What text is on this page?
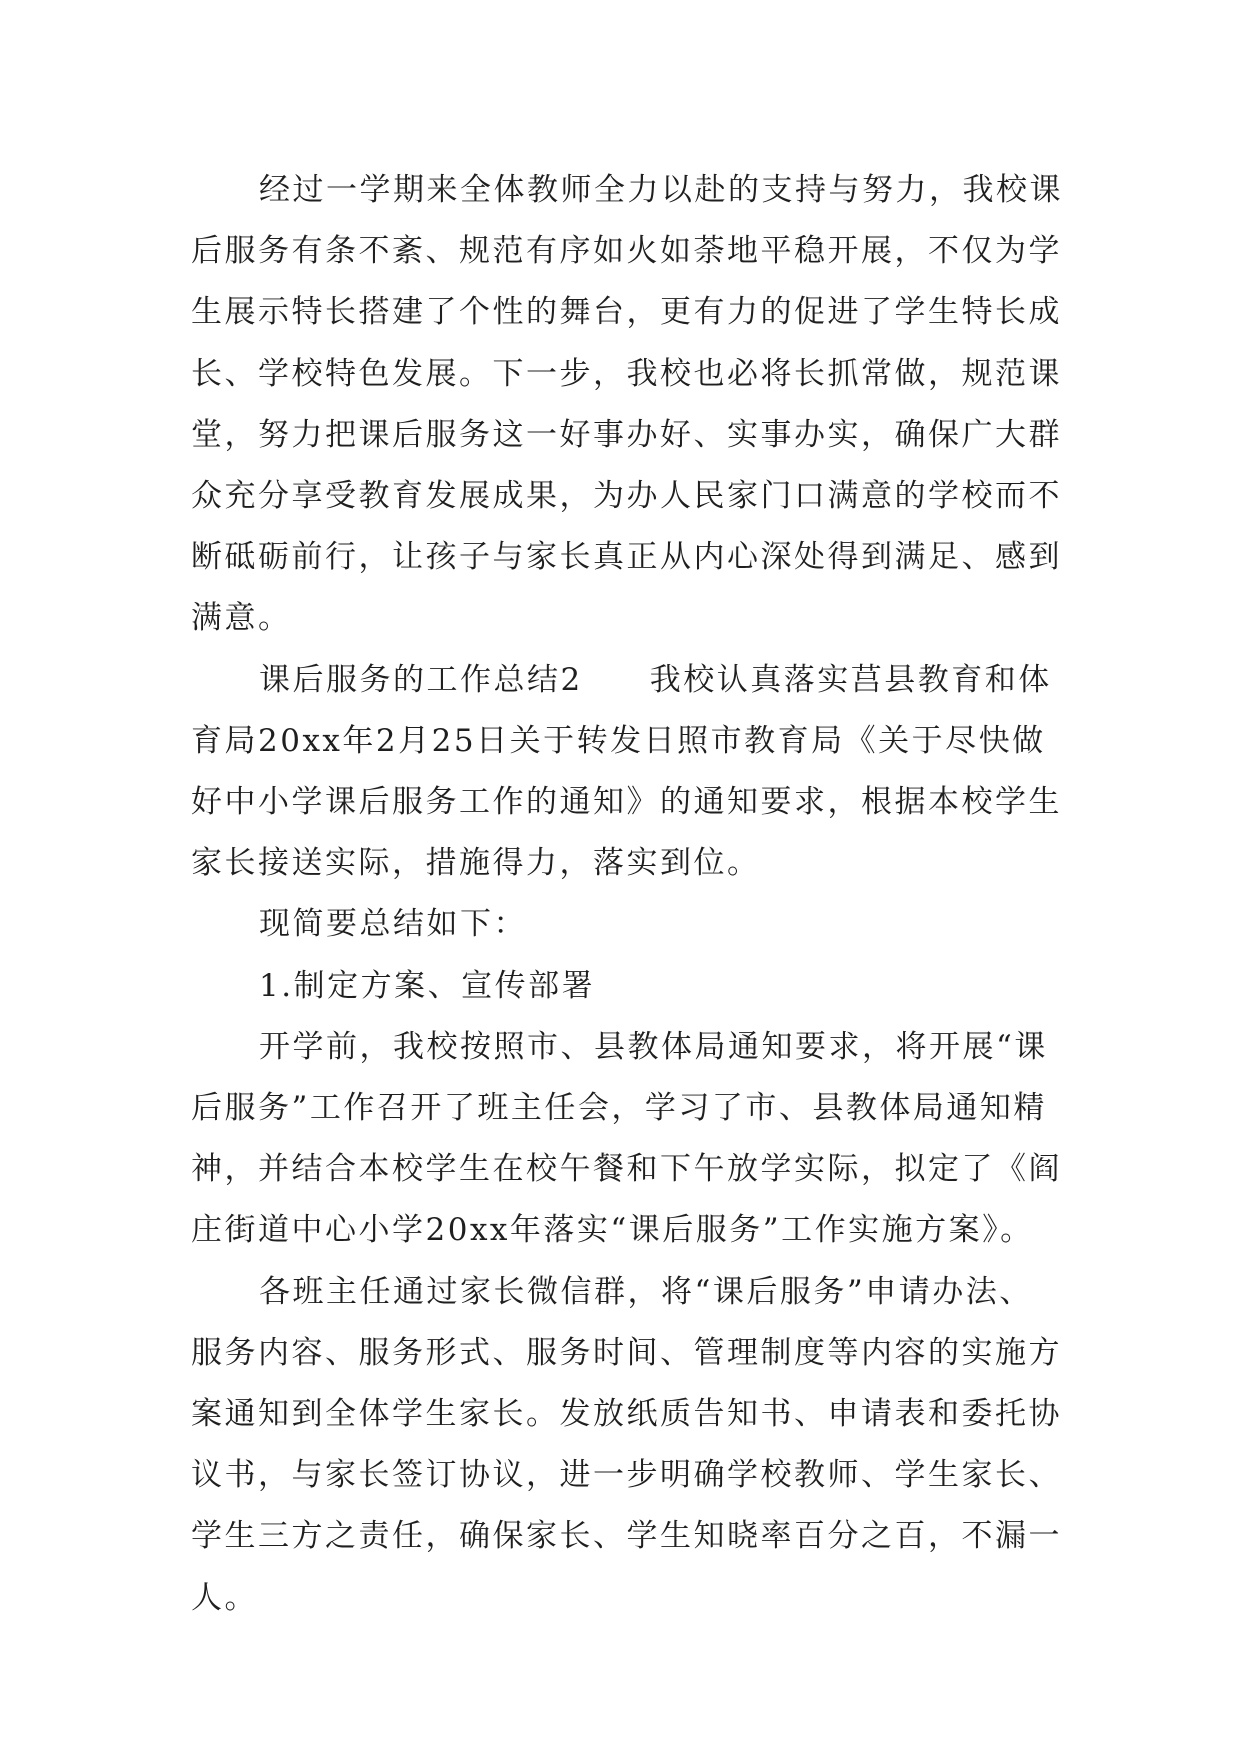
经过一学期来全体教师全力以赴的支持与努力，我校课后服务有条不紊、规范有序如火如荼地平稳开展，不仅为学生展示特长搭建了个性的舞台，更有力的促进了学生特长成长、学校特色发展。下一步，我校也必将长抓常做，规范课堂，努力把课后服务这一好事办好、实事办实，确保广大群众充分享受教育发展成果，为办人民家门口满意的学校而不断砥砺前行，让孩子与家长真正从内心深处得到满足、感到满意。

课后服务的工作总结2　　我校认真落实莒县教育和体育局20xx年2月25日关于转发日照市教育局《关于尽快做好中小学课后服务工作的通知》的通知要求，根据本校学生家长接送实际，措施得力，落实到位。

现简要总结如下：

1.制定方案、宣传部署

开学前，我校按照市、县教体局通知要求，将开展“课后服务”工作召开了班主任会，学习了市、县教体局通知精神，并结合本校学生在校午餐和下午放学实际，拟定了《阎庄街道中心小学20xx年落实“课后服务”工作实施方案》。

各班主任通过家长微信群，将“课后服务”申请办法、服务内容、服务形式、服务时间、管理制度等内容的实施方案通知到全体学生家长。发放纸质告知书、申请表和委托协议书，与家长签订协议，进一步明确学校教师、学生家长、学生三方之责任，确保家长、学生知晓率百分之百，不漏一人。
